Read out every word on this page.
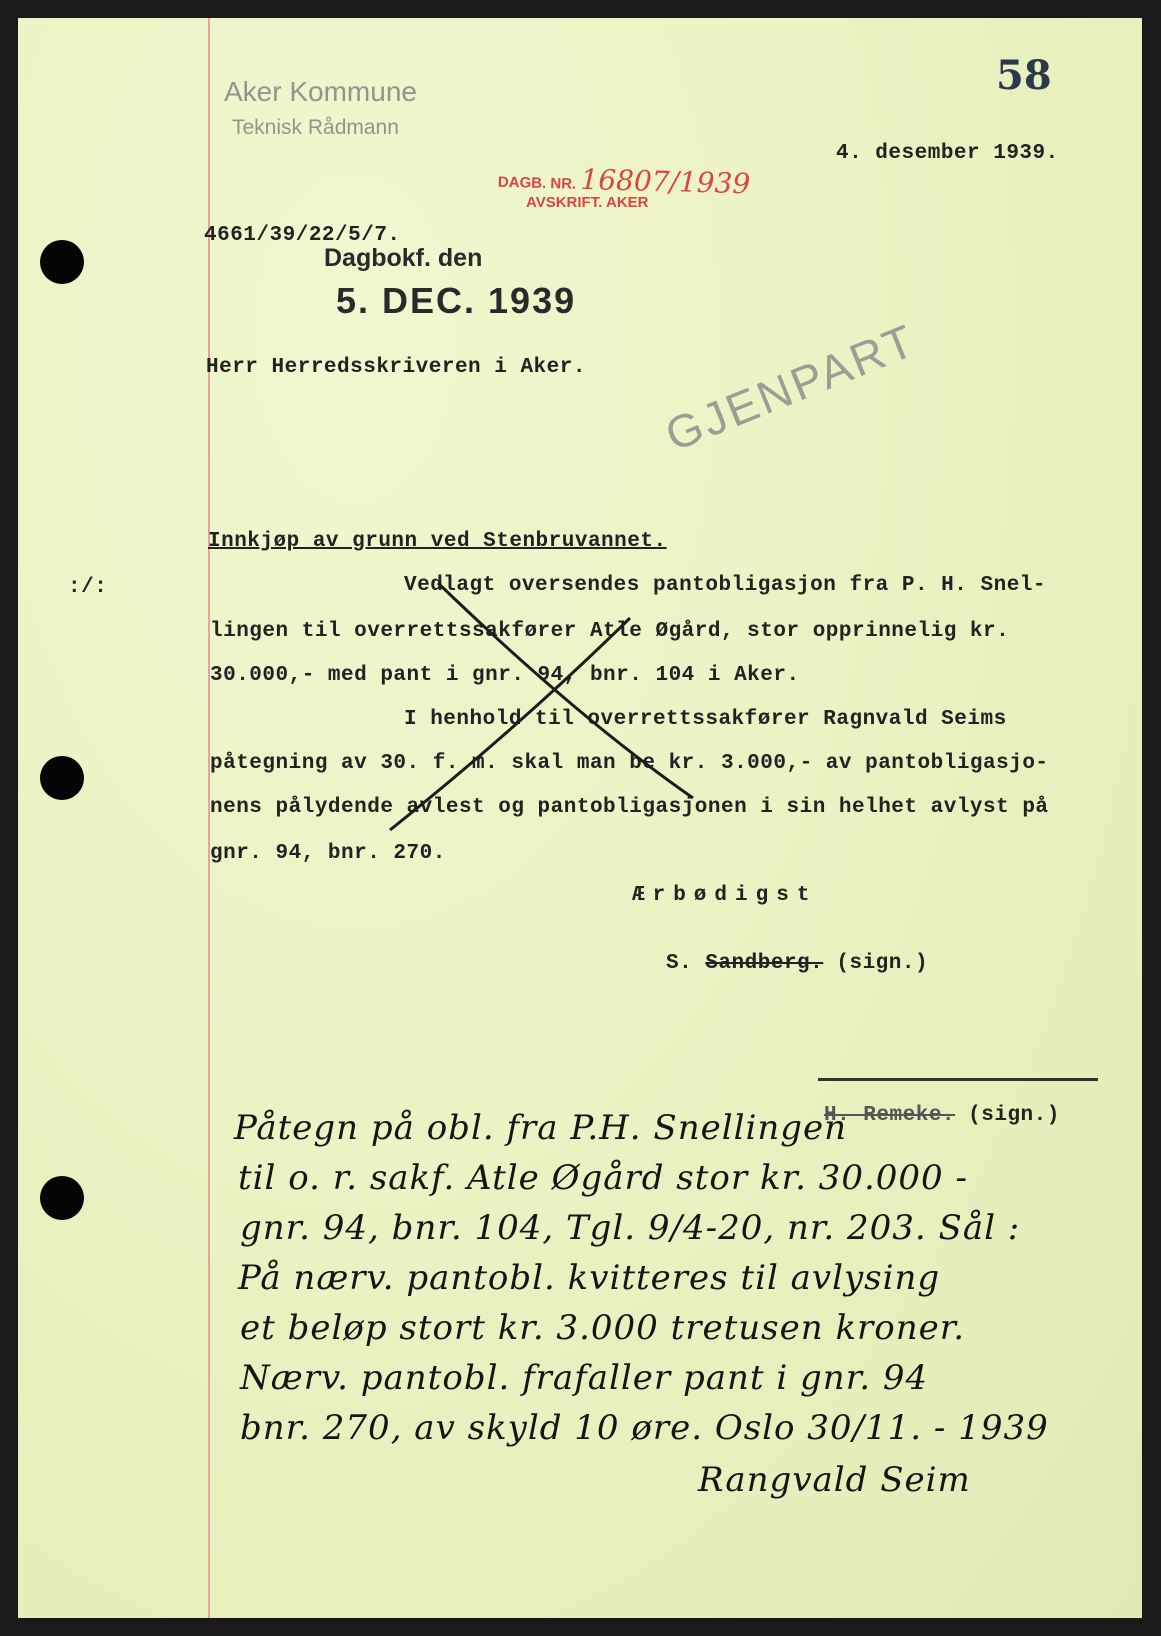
Aker Kommune
Teknisk Rådmann
58
4. desember 1939.
DAGB. NR. 16807/1939
AVSKRIFT. AKER
4661/39/22/5/7.
Dagbokf. den
5. DEC. 1939
Herr Herredsskriveren i Aker. GJENPART
:/:
Innkjøp av grunn ved Stenbruvannet.
Vedlagt oversendes pantobligasjon fra P. H. Snel-
lingen til overrettssakfører Atle Øgård, stor opprinnelig kr.
30.000,- med pant i gnr. 94, bnr. 104 i Aker.
I henhold til overrettssakfører Ragnvald Seims
påtegning av 30. f. m. skal man be kr. 3.000,- av pantobligasjo-
nens pålydende avlest og pantobligasjonen i sin helhet avlyst på
gnr. 94, bnr. 270.
Ærbødigst
S. Sandberg. (sign.)
H. Remeke. (sign.)
Påtegn på obl. fra P.H. Snellingen
til o. r. sakf. Atle Øgård stor kr. 30.000 -
gnr. 94, bnr. 104, Tgl. 9/4-20, nr. 203. Sål :
På nærv. pantobl. kvitteres til avlysing
et beløp stort kr. 3.000 tretusen kroner.
Nærv. pantobl. frafaller pant i gnr. 94
bnr. 270, av skyld 10 øre. Oslo 30/11. - 1939
Rangvald Seim
